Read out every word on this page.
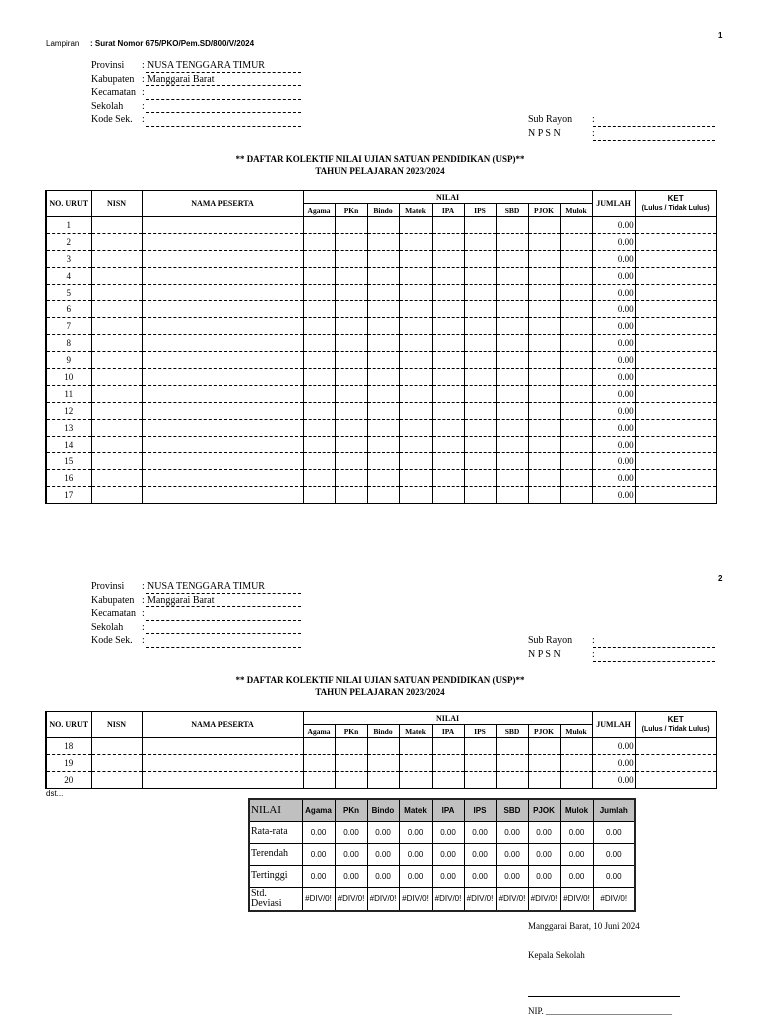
Lampiran : Surat Nomor 675/PKO/Pem.SD/800/V/2024
1
2
Provinsi : NUSA TENGGARA TIMUR
Kabupaten : Manggarai Barat
Kecamatan :
Sekolah :
Kode Sek. :	Sub Rayon :
N P S N	:
** DAFTAR KOLEKTIF NILAI UJIAN SATUAN PENDIDIKAN (USP)**
TAHUN PELAJARAN 2023/2024
NO. URUT	NISN	NAMA PESERTA	NILAI									JUMLAH	KET
(Lulus / Tidak Lulus)

			Agama	PKn	Bindo	Matek	IPA	IPS	SBD	PJOK	Mulok		
1												0.00	
2												0.00	
3												0.00	
4												0.00	
5												0.00	
6												0.00	
7												0.00	
8												0.00	
9												0.00	
10												0.00	
11												0.00	
12												0.00	
13												0.00	
14												0.00	
15												0.00	
16												0.00	
17												0.00	
Provinsi : NUSA TENGGARA TIMUR
Kabupaten : Manggarai Barat
Kecamatan :
Sekolah :
Kode Sek. :	Sub Rayon :
N P S N	:
** DAFTAR KOLEKTIF NILAI UJIAN SATUAN PENDIDIKAN (USP)**
TAHUN PELAJARAN 2023/2024
NO. URUT	NISN	NAMA PESERTA	NILAI									JUMLAH	KET
(Lulus / Tidak Lulus)

			Agama	PKn	Bindo	Matek	IPA	IPS	SBD	PJOK	Mulok		
18												0.00	
19												0.00	
20												0.00	
dst...
NILAI	Agama	PKn	Bindo	Matek	IPA	IPS	SBD	PJOK	Mulok	Jumlah
Rata-rata	0.00	0.00	0.00	0.00	0.00	0.00	0.00	0.00	0.00	0.00
Terendah	0.00	0.00	0.00	0.00	0.00	0.00	0.00	0.00	0.00	0.00
Tertinggi	0.00	0.00	0.00	0.00	0.00	0.00	0.00	0.00	0.00	0.00

Std. Deviasi	#DIV/0!	#DIV/0!	#DIV/0!	#DIV/0!	#DIV/0!	#DIV/0!	#DIV/0!	#DIV/0!	#DIV/0!	#DIV/0!
Manggarai Barat, 10 Juni 2024
Kepala Sekolah
NIP. ____________________________
